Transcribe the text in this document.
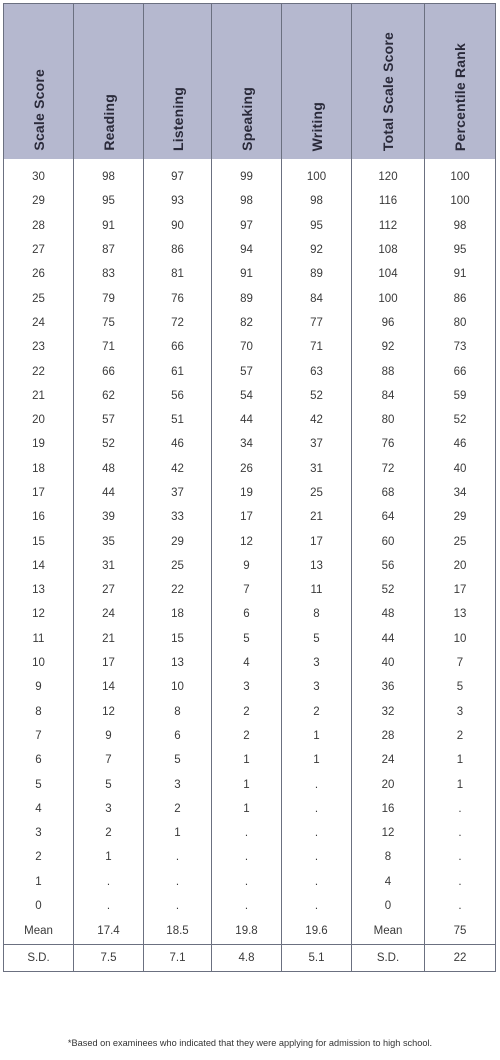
Scale Score	Reading	Listening	Speaking	Writing	Total Scale Score	Percentile Rank

30	98	97	99	100	120	100
29	95	93	98	98	116	100
28	91	90	97	95	112	98
27	87	86	94	92	108	95
26	83	81	91	89	104	91
25	79	76	89	84	100	86
24	75	72	82	77	96	80
23	71	66	70	71	92	73
22	66	61	57	63	88	66
21	62	56	54	52	84	59
20	57	51	44	42	80	52
19	52	46	34	37	76	46
18	48	42	26	31	72	40
17	44	37	19	25	68	34
16	39	33	17	21	64	29
15	35	29	12	17	60	25
14	31	25	9	13	56	20
13	27	22	7	11	52	17
12	24	18	6	8	48	13
11	21	15	5	5	44	10
10	17	13	4	3	40	7
9	14	10	3	3	36	5
8	12	8	2	2	32	3
7	9	6	2	1	28	2
6	7	5	1	1	24	1
5	5	3	1	.	20	1
4	3	2	1	.	16	.
3	2	1	.	.	12	.
2	1	.	.	.	8	.
1	.	.	.	.	4	.
0	.	.	.	.	0	.
Mean	17.4	18.5	19.8	19.6	Mean	75
S.D.	7.5	7.1	4.8	5.1	S.D.	22
*Based on examinees who indicated that they were applying for admission to high school.
